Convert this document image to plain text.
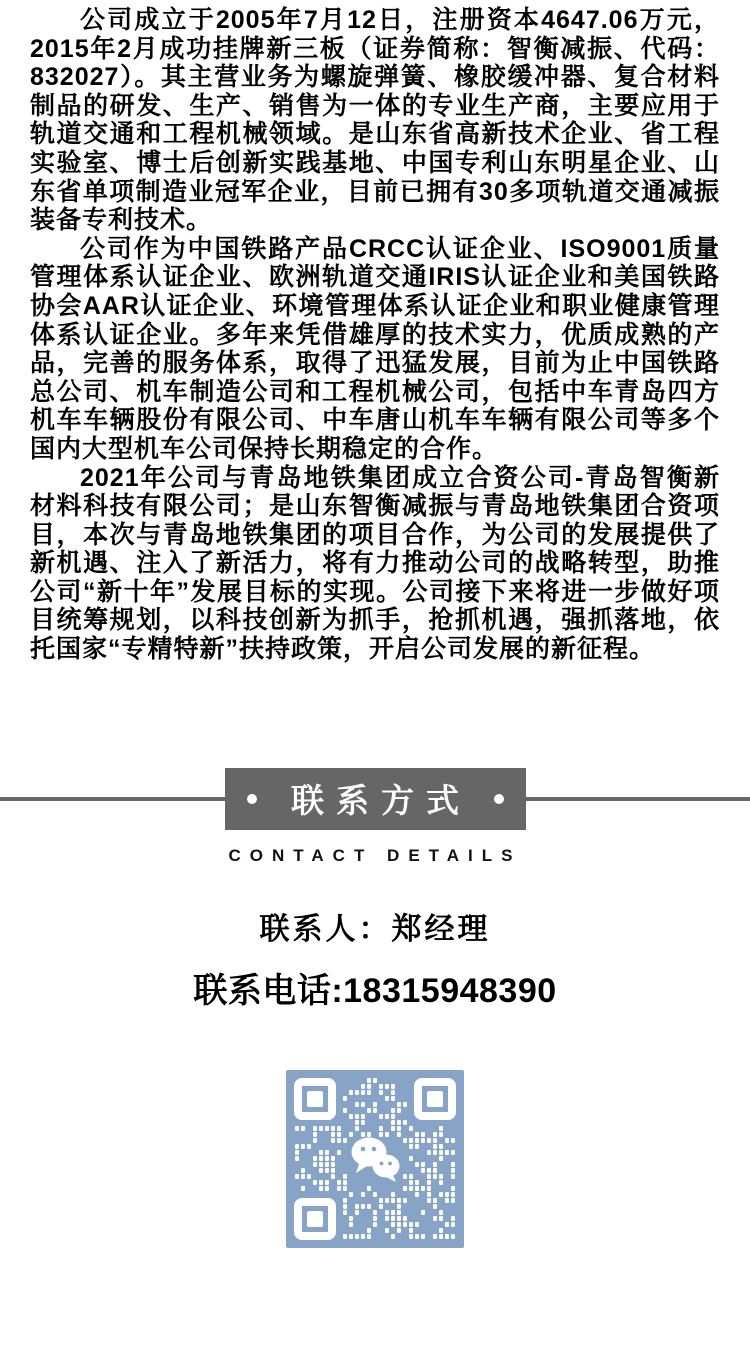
公司成立于2005年7月12日，注册资本4647.06万元，2015年2月成功挂牌新三板（证券简称：智衡减振、代码：832027）。其主营业务为螺旋弹簧、橡胶缓冲器、复合材料制品的研发、生产、销售为一体的专业生产商，主要应用于轨道交通和工程机械领域。是山东省高新技术企业、省工程实验室、博士后创新实践基地、中国专利山东明星企业、山东省单项制造业冠军企业，目前已拥有30多项轨道交通减振装备专利技术。

公司作为中国铁路产品CRCC认证企业、ISO9001质量管理体系认证企业、欧洲轨道交通IRIS认证企业和美国铁路协会AAR认证企业、环境管理体系认证企业和职业健康管理体系认证企业。多年来凭借雄厚的技术实力，优质成熟的产品，完善的服务体系，取得了迅猛发展，目前为止中国铁路总公司、机车制造公司和工程机械公司，包括中车青岛四方机车车辆股份有限公司、中车唐山机车车辆有限公司等多个国内大型机车公司保持长期稳定的合作。

2021年公司与青岛地铁集团成立合资公司-青岛智衡新材料科技有限公司；是山东智衡减振与青岛地铁集团合资项目，本次与青岛地铁集团的项目合作，为公司的发展提供了新机遇、注入了新活力，将有力推动公司的战略转型，助推公司“新十年”发展目标的实现。公司接下来将进一步做好项目统筹规划，以科技创新为抓手，抢抓机遇，强抓落地，依托国家“专精特新”扶持政策，开启公司发展的新征程。

联系方式
CONTACT DETAILS
联系人：郑经理
联系电话:18315948390
